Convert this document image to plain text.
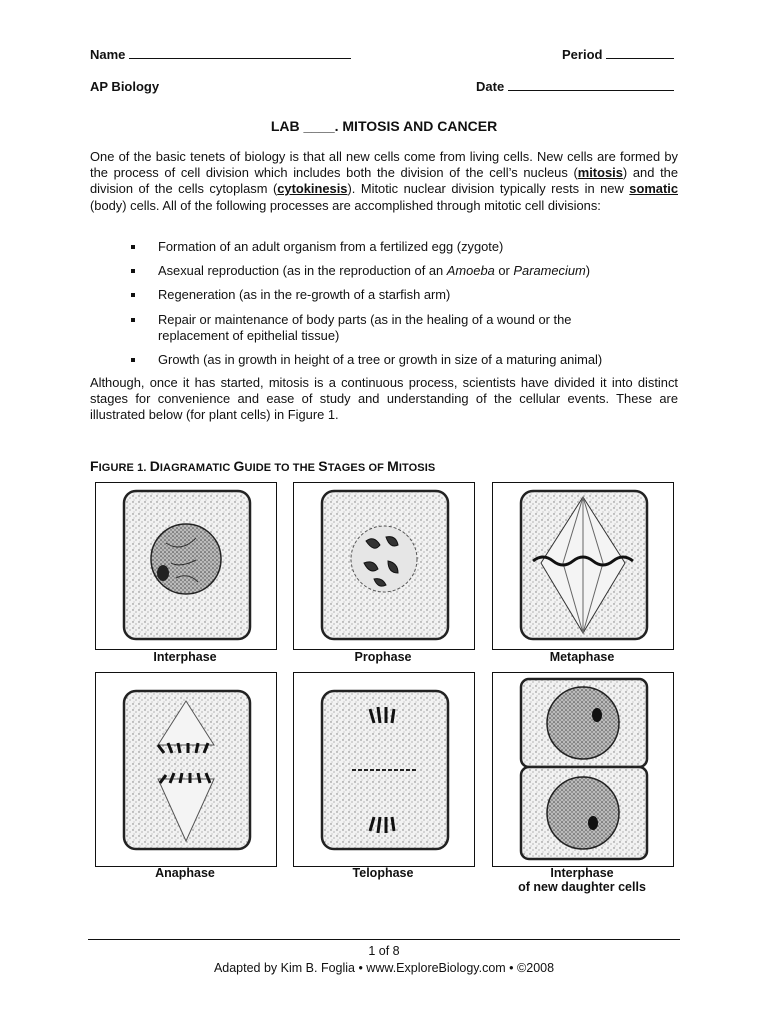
Name	Period
AP Biology	Date
LAB ____. MITOSIS AND CANCER
One of the basic tenets of biology is that all new cells come from living cells. New cells are formed by the process of cell division which includes both the division of the cell’s nucleus (mitosis) and the division of the cells cytoplasm (cytokinesis). Mitotic nuclear division typically rests in new somatic (body) cells. All of the following processes are accomplished through mitotic cell divisions:
Formation of an adult organism from a fertilized egg (zygote)
Asexual reproduction (as in the reproduction of an Amoeba or Paramecium)
Regeneration (as in the re-growth of a starfish arm)
Repair or maintenance of body parts (as in the healing of a wound or the replacement of epithelial tissue)
Growth (as in growth in height of a tree or growth in size of a maturing animal)
Although, once it has started, mitosis is a continuous process, scientists have divided it into distinct stages for convenience and ease of study and understanding of the cellular events. These are illustrated below (for plant cells) in Figure 1.
FIGURE 1. DIAGRAMATIC GUIDE TO THE STAGES OF MITOSIS
Interphase	Prophase	Metaphase
Anaphase	Telophase	Interphase
of new daughter cells
1 of 8
Adapted by Kim B. Foglia • www.ExploreBiology.com • ©2008
